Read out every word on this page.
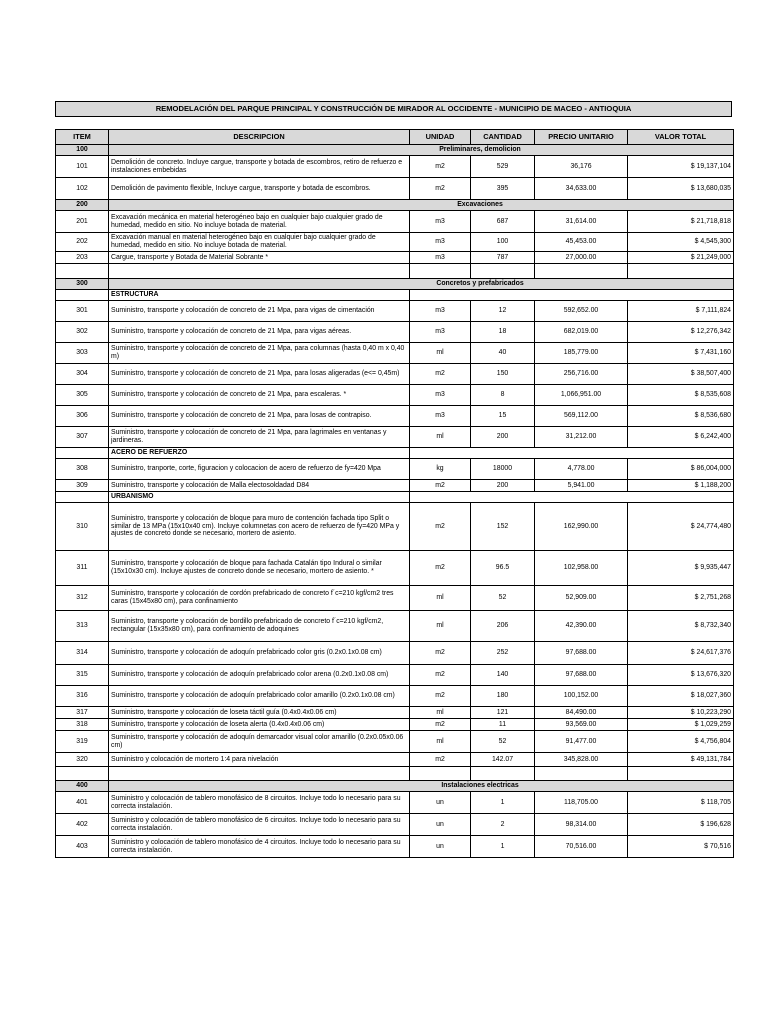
REMODELACIÓN DEL PARQUE PRINCIPAL Y CONSTRUCCIÓN DE MIRADOR AL OCCIDENTE - MUNICIPIO DE MACEO - ANTIOQUIA
ITEM	DESCRIPCION	UNIDAD	CANTIDAD	PRECIO UNITARIO	VALOR TOTAL
100	Preliminares, demolicion				
101	Demolición de concreto. Incluye cargue, transporte y botada de escombros, retiro de refuerzo e instalaciones embebidas	m2	529	36,176	$ 19,137,104
102	Demolición de pavimento flexible, Incluye cargue, transporte y botada de escombros.	m2	395	34,633.00	$ 13,680,035
200	Excavaciones				
201	Excavación mecánica en material heterogéneo bajo en cualquier bajo cualquier grado de humedad, medido en sitio. No incluye botada de material.	m3	687	31,614.00	$ 21,718,818
202	Excavación manual en material heterogéneo bajo en cualquier bajo cualquier grado de humedad, medido en sitio. No incluye botada de material.	m3	100	45,453.00	$ 4,545,300
203	Cargue, transporte y Botada de Material Sobrante *	m3	787	27,000.00	$ 21,249,000

300	Concretos y prefabricados				
	ESTRUCTURA				
301	Suministro, transporte y colocación de concreto de 21 Mpa, para vigas de cimentación	m3	12	592,652.00	$ 7,111,824
302	Suministro, transporte y colocación de concreto de 21 Mpa, para vigas aéreas.	m3	18	682,019.00	$ 12,276,342
303	Suministro, transporte y colocación de concreto de 21 Mpa, para columnas (hasta 0,40 m x 0,40 m)	ml	40	185,779.00	$ 7,431,160
304	Suministro, transporte y colocación de concreto de 21 Mpa, para losas aligeradas (e<= 0,45m)	m2	150	256,716.00	$ 38,507,400
305	Suministro, transporte y colocación de concreto de 21 Mpa, para escaleras. *	m3	8	1,066,951.00	$ 8,535,608
306	Suministro, transporte y colocación de concreto de 21 Mpa, para losas de contrapiso.	m3	15	569,112.00	$ 8,536,680
307	Suministro, transporte y colocación de concreto de 21 Mpa, para lagrimales en ventanas y jardineras.	ml	200	31,212.00	$ 6,242,400
	ACERO DE REFUERZO				
308	Suministro, tranporte, corte, figuracion y colocacion de acero de refuerzo de fy=420 Mpa	kg	18000	4,778.00	$ 86,004,000
309	Suministro, transporte y colocación de Malla electosoldadad D84	m2	200	5,941.00	$ 1,188,200
	URBANISMO				
310	Suministro, transporte y colocación de bloque para muro de contención fachada tipo Split o similar de 13 MPa (15x10x40 cm). Incluye columnetas con acero de refuerzo de fy=420 MPa y ajustes de concreto donde se necesario, mortero de asiento.	m2	152	162,990.00	$ 24,774,480
311	Suministro, transporte y colocación de bloque para fachada Catalán tipo Indural o similar (15x10x30 cm). Incluye ajustes de concreto donde se necesario, mortero de asiento. *	m2	96.5	102,958.00	$ 9,935,447
312	Suministro, transporte y colocación de cordón prefabricado de concreto f´c=210 kgf/cm2 tres caras (15x45x80 cm), para confinamiento	ml	52	52,909.00	$ 2,751,268
313	Suministro, transporte y colocación de bordillo prefabricado de concreto f´c=210 kgf/cm2, rectangular (15x35x80 cm), para confinamiento de adoquines	ml	206	42,390.00	$ 8,732,340
314	Suministro, transporte y colocación de adoquín prefabricado color gris (0.2x0.1x0.08 cm)	m2	252	97,688.00	$ 24,617,376
315	Suministro, transporte y colocación de adoquín prefabricado color arena (0.2x0.1x0.08 cm)	m2	140	97,688.00	$ 13,676,320
316	Suministro, transporte y colocación de adoquín prefabricado color amarillo (0.2x0.1x0.08 cm)	m2	180	100,152.00	$ 18,027,360
317	Suministro, transporte y colocación de loseta táctil guía (0.4x0.4x0.06 cm)	ml	121	84,490.00	$ 10,223,290
318	Suministro, transporte y colocación de loseta alerta (0.4x0.4x0.06 cm)	m2	11	93,569.00	$ 1,029,259
319	Suministro, transporte y colocación de adoquín demarcador visual color amarillo (0.2x0.05x0.06 cm)	ml	52	91,477.00	$ 4,756,804
320	Suministro y colocación de mortero 1:4 para nivelación	m2	142.07	345,828.00	$ 49,131,784

400	Instalaciones electricas				
401	Suministro y colocación de tablero monofásico de 8 circuitos. Incluye todo lo necesario para su correcta instalación.	un	1	118,705.00	$ 118,705
402	Suministro y colocación de tablero monofásico de 6 circuitos. Incluye todo lo necesario para su correcta instalación.	un	2	98,314.00	$ 196,628
403	Suministro y colocación de tablero monofásico de 4 circuitos. Incluye todo lo necesario para su correcta instalación.	un	1	70,516.00	$ 70,516
